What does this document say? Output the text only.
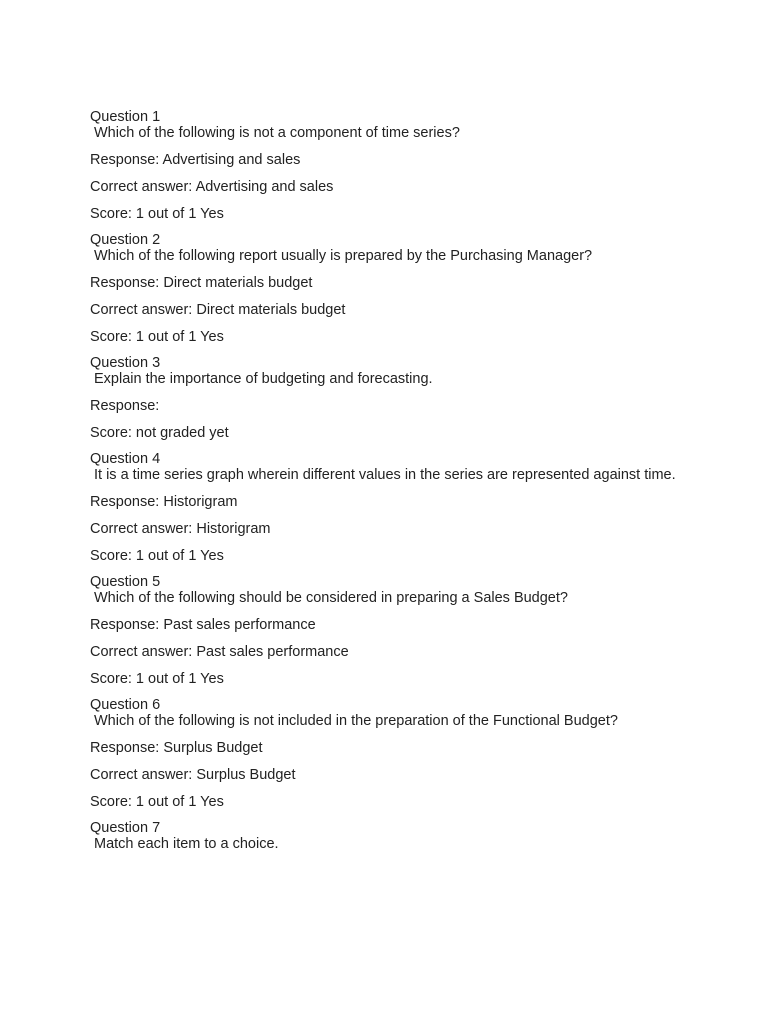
Question 1
Which of the following is not a component of time series?
Response: Advertising and sales
Correct answer: Advertising and sales
Score: 1 out of 1 Yes
Question 2
Which of the following report usually is prepared by the Purchasing Manager?
Response: Direct materials budget
Correct answer: Direct materials budget
Score: 1 out of 1 Yes
Question 3
Explain the importance of budgeting and forecasting.
Response:
Score: not graded yet
Question 4
It is a time series graph wherein different values in the series are represented against time.
Response: Historigram
Correct answer: Historigram
Score: 1 out of 1 Yes
Question 5
Which of the following should be considered in preparing a Sales Budget?
Response: Past sales performance
Correct answer: Past sales performance
Score: 1 out of 1 Yes
Question 6
Which of the following is not included in the preparation of the Functional Budget?
Response: Surplus Budget
Correct answer: Surplus Budget
Score: 1 out of 1 Yes
Question 7
Match each item to a choice.
